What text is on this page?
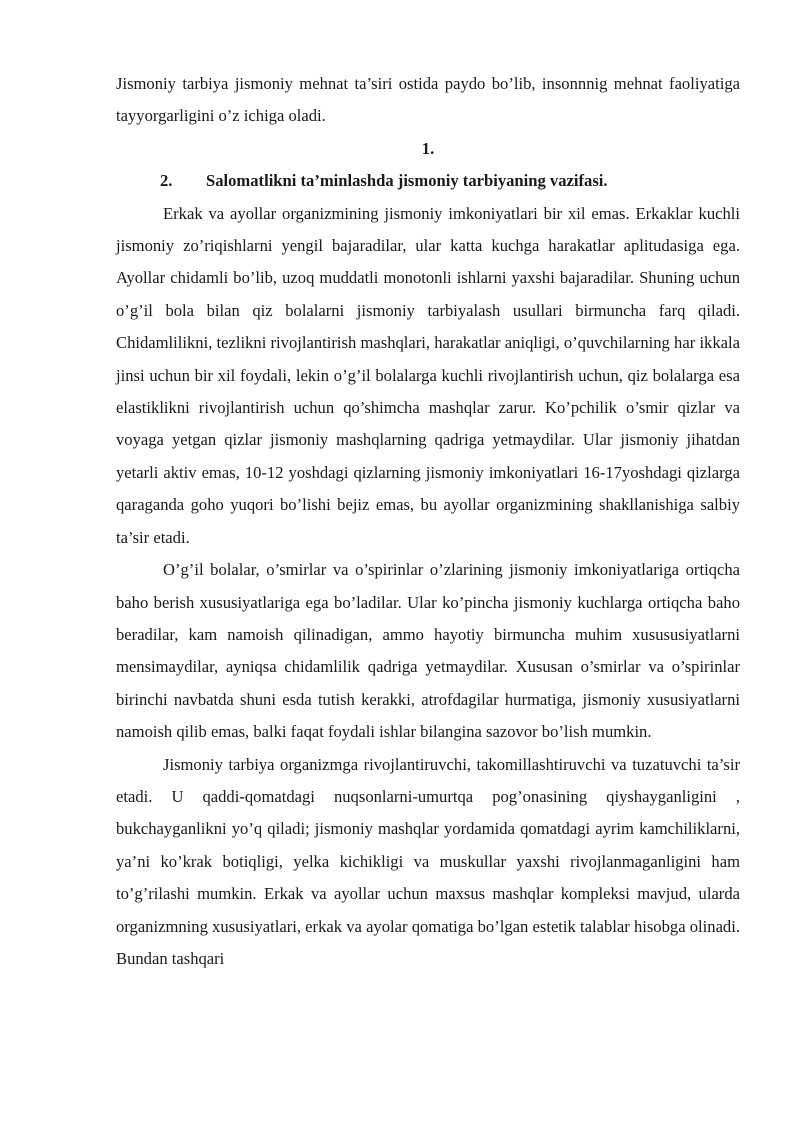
Jismoniy tarbiya jismoniy mehnat ta’siri ostida paydo bo’lib, insonnnig mehnat faoliyatiga tayyorgarligini o’z ichiga oladi.

1.

2.	Salomatlikni ta’minlashda jismoniy tarbiyaning vazifasi.

Erkak va ayollar organizmining jismoniy imkoniyatlari bir xil emas. Erkaklar kuchli jismoniy zo’riqishlarni yengil bajaradilar, ular katta kuchga harakatlar aplitudasiga ega. Ayollar chidamli bo’lib, uzoq muddatli monotonli ishlarni yaxshi bajaradilar. Shuning uchun o’g’il bola bilan qiz bolalarni jismoniy tarbiyalash usullari birmuncha farq qiladi. Chidamlilikni, tezlikni rivojlantirish mashqlari, harakatlar aniqligi, o’quvchilarning har ikkala jinsi uchun bir xil foydali, lekin o’g’il bolalarga kuchli rivojlantirish uchun, qiz bolalarga esa elastiklikni rivojlantirish uchun qo’shimcha mashqlar zarur. Ko’pchilik o’smir qizlar va voyaga yetgan qizlar jismoniy mashqlarning qadriga yetmaydilar. Ular jismoniy jihatdan yetarli aktiv emas, 10-12 yoshdagi qizlarning jismoniy imkoniyatlari 16-17yoshdagi qizlarga qaraganda goho yuqori bo’lishi bejiz emas, bu ayollar organizmining shakllanishiga salbiy ta’sir etadi.

O’g’il bolalar, o’smirlar va o’spirinlar o’zlarining jismoniy imkoniyatlariga ortiqcha baho berish xususiyatlariga ega bo’ladilar. Ular ko’pincha jismoniy kuchlarga ortiqcha baho beradilar, kam namoish qilinadigan, ammo hayotiy birmuncha muhim xusususiyatlarni mensimaydilar, ayniqsa chidamlilik qadriga yetmaydilar. Xususan o’smirlar va o’spirinlar birinchi navbatda shuni esda tutish kerakki, atrofdagilar hurmatiga, jismoniy xususiyatlarni namoish qilib emas, balki faqat foydali ishlar bilangina sazovor bo’lish mumkin.

Jismoniy tarbiya organizmga rivojlantiruvchi, takomillashtiruvchi va tuzatuvchi ta’sir etadi. U qaddi-qomatdagi nuqsonlarni-umurtqa pog’onasining qiyshayganligini , bukchayganlikni yo’q qiladi; jismoniy mashqlar yordamida qomatdagi ayrim kamchiliklarni, ya’ni ko’krak botiqligi, yelka kichikligi va muskullar yaxshi rivojlanmaganligini ham to’g’rilashi mumkin. Erkak va ayollar uchun maxsus mashqlar kompleksi mavjud, ularda organizmning xususiyatlari, erkak va ayolar qomatiga bo’lgan estetik talablar hisobga olinadi. Bundan tashqari
